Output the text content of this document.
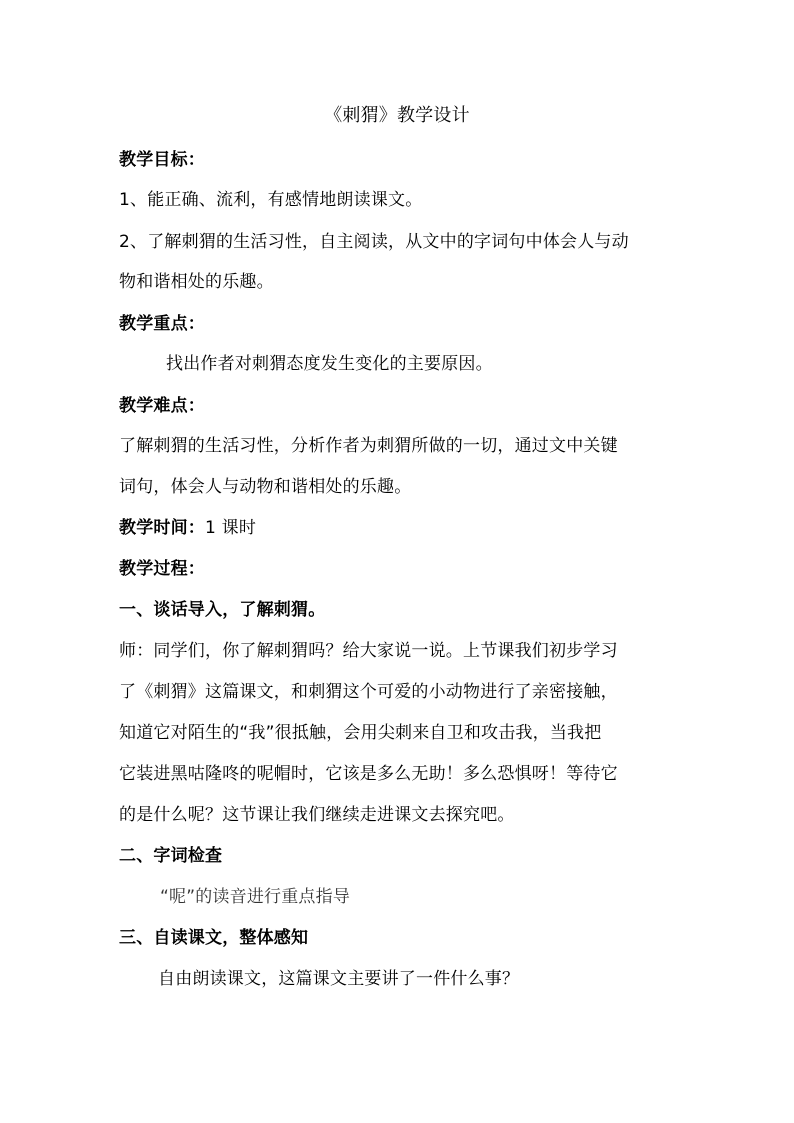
《刺猬》教学设计
教学目标：
1、能正确、流利，有感情地朗读课文。
2、了解刺猬的生活习性，自主阅读，从文中的字词句中体会人与动
物和谐相处的乐趣。
教学重点：
找出作者对刺猬态度发生变化的主要原因。
教学难点：
了解刺猬的生活习性，分析作者为刺猬所做的一切，通过文中关键
词句，体会人与动物和谐相处的乐趣。
教学时间：1 课时
教学过程：
一、谈话导入，了解刺猬。
师：同学们，你了解刺猬吗？给大家说一说。上节课我们初步学习
了《刺猬》这篇课文，和刺猬这个可爱的小动物进行了亲密接触，
知道它对陌生的“我”很抵触，会用尖刺来自卫和攻击我，当我把
它装进黑咕隆咚的呢帽时，它该是多么无助！多么恐惧呀！等待它
的是什么呢？这节课让我们继续走进课文去探究吧。
二、字词检查
“呢”的读音进行重点指导
三、自读课文，整体感知
自由朗读课文，这篇课文主要讲了一件什么事？
